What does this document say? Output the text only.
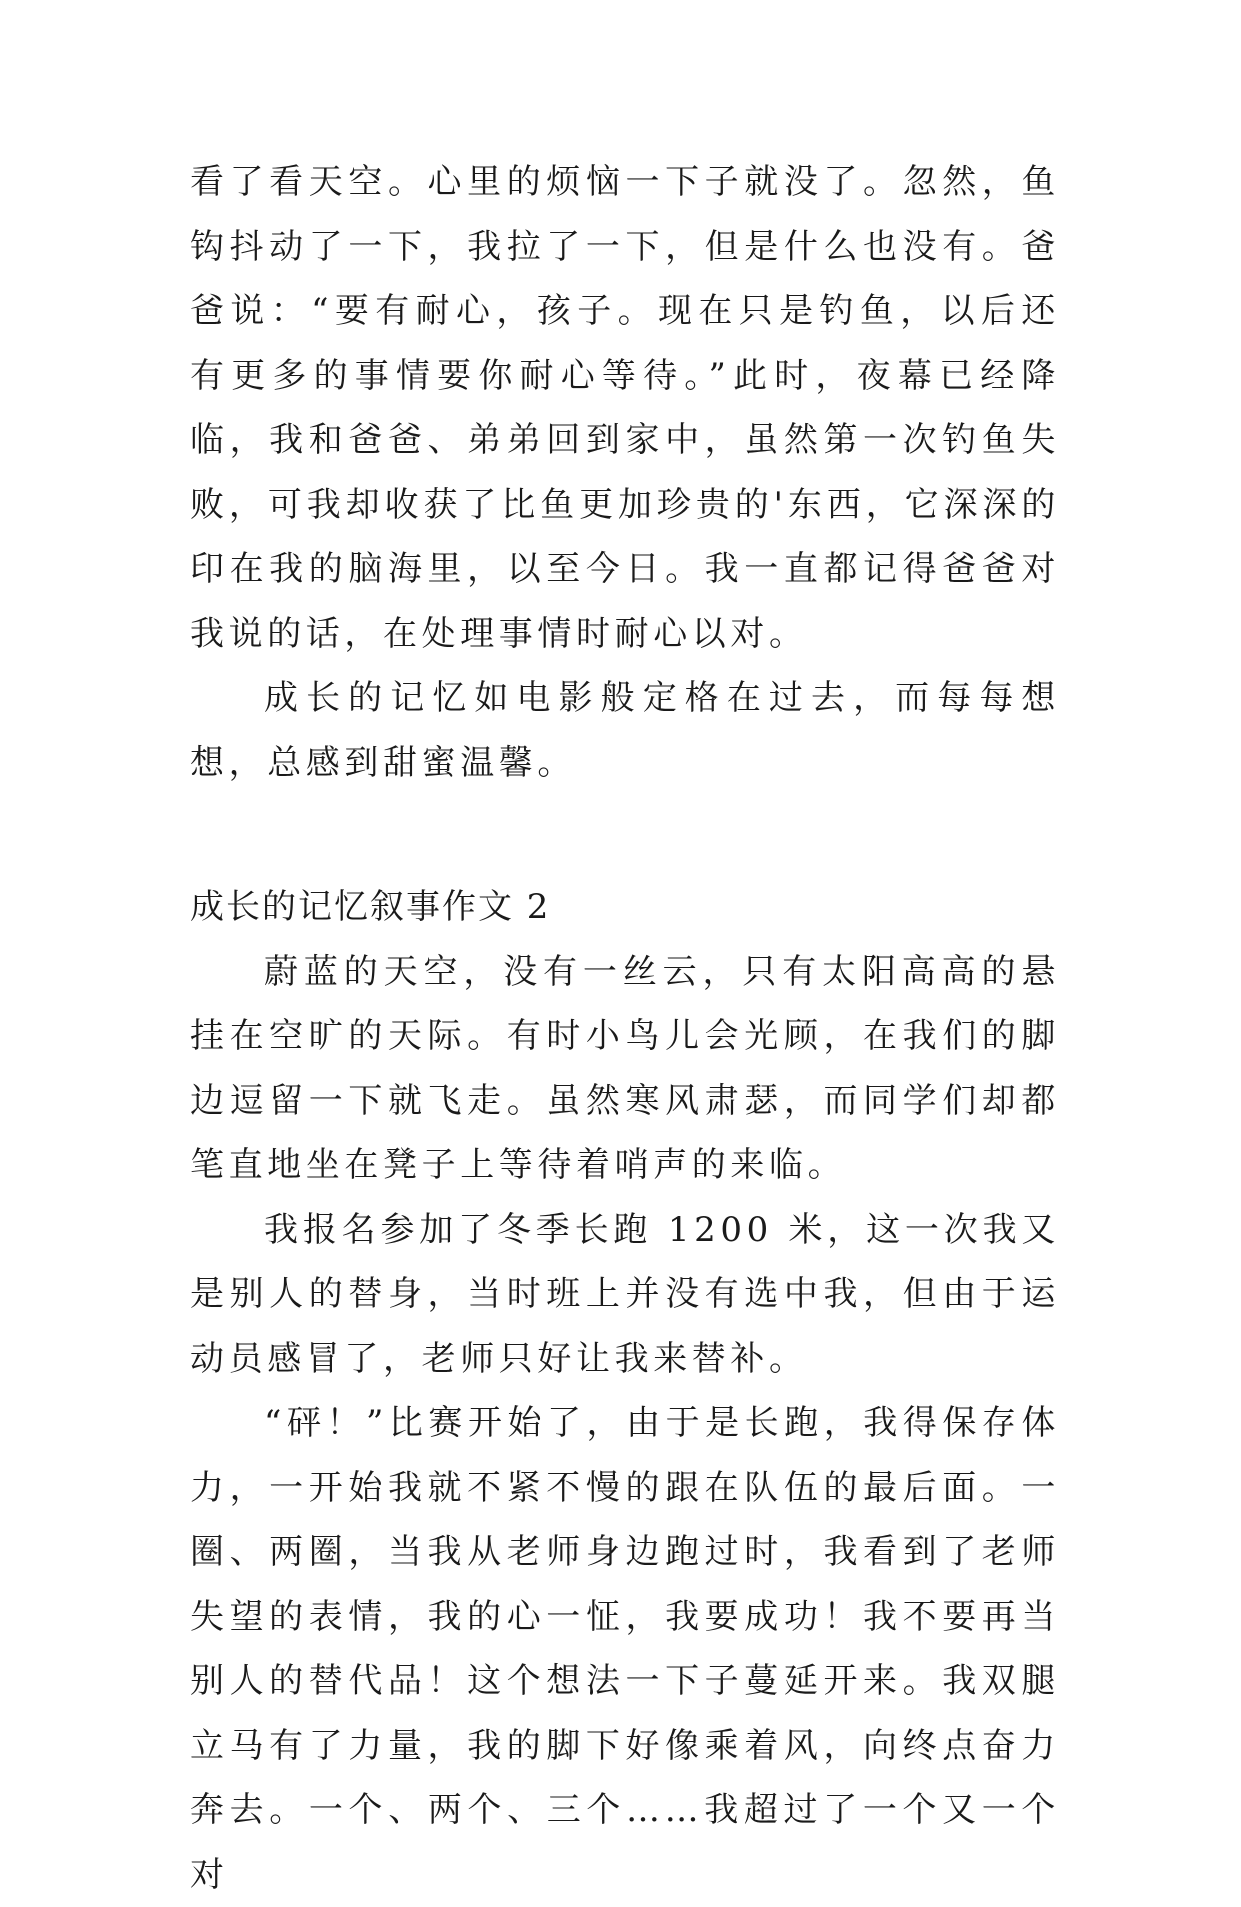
看了看天空。心里的烦恼一下子就没了。忽然，鱼钩抖动了一下，我拉了一下，但是什么也没有。爸爸说：“要有耐心，孩子。现在只是钓鱼，以后还有更多的事情要你耐心等待。”此时，夜幕已经降临，我和爸爸、弟弟回到家中，虽然第一次钓鱼失败，可我却收获了比鱼更加珍贵的'东西，它深深的印在我的脑海里，以至今日。我一直都记得爸爸对我说的话，在处理事情时耐心以对。

成长的记忆如电影般定格在过去，而每每想想，总感到甜蜜温馨。

成长的记忆叙事作文 2

蔚蓝的天空，没有一丝云，只有太阳高高的悬挂在空旷的天际。有时小鸟儿会光顾，在我们的脚边逗留一下就飞走。虽然寒风肃瑟，而同学们却都笔直地坐在凳子上等待着哨声的来临。

我报名参加了冬季长跑 1200 米，这一次我又是别人的替身，当时班上并没有选中我，但由于运动员感冒了，老师只好让我来替补。

“砰！”比赛开始了，由于是长跑，我得保存体力，一开始我就不紧不慢的跟在队伍的最后面。一圈、两圈，当我从老师身边跑过时，我看到了老师失望的表情，我的心一怔，我要成功！我不要再当别人的替代品！这个想法一下子蔓延开来。我双腿立马有了力量，我的脚下好像乘着风，向终点奋力奔去。一个、两个、三个……我超过了一个又一个对
